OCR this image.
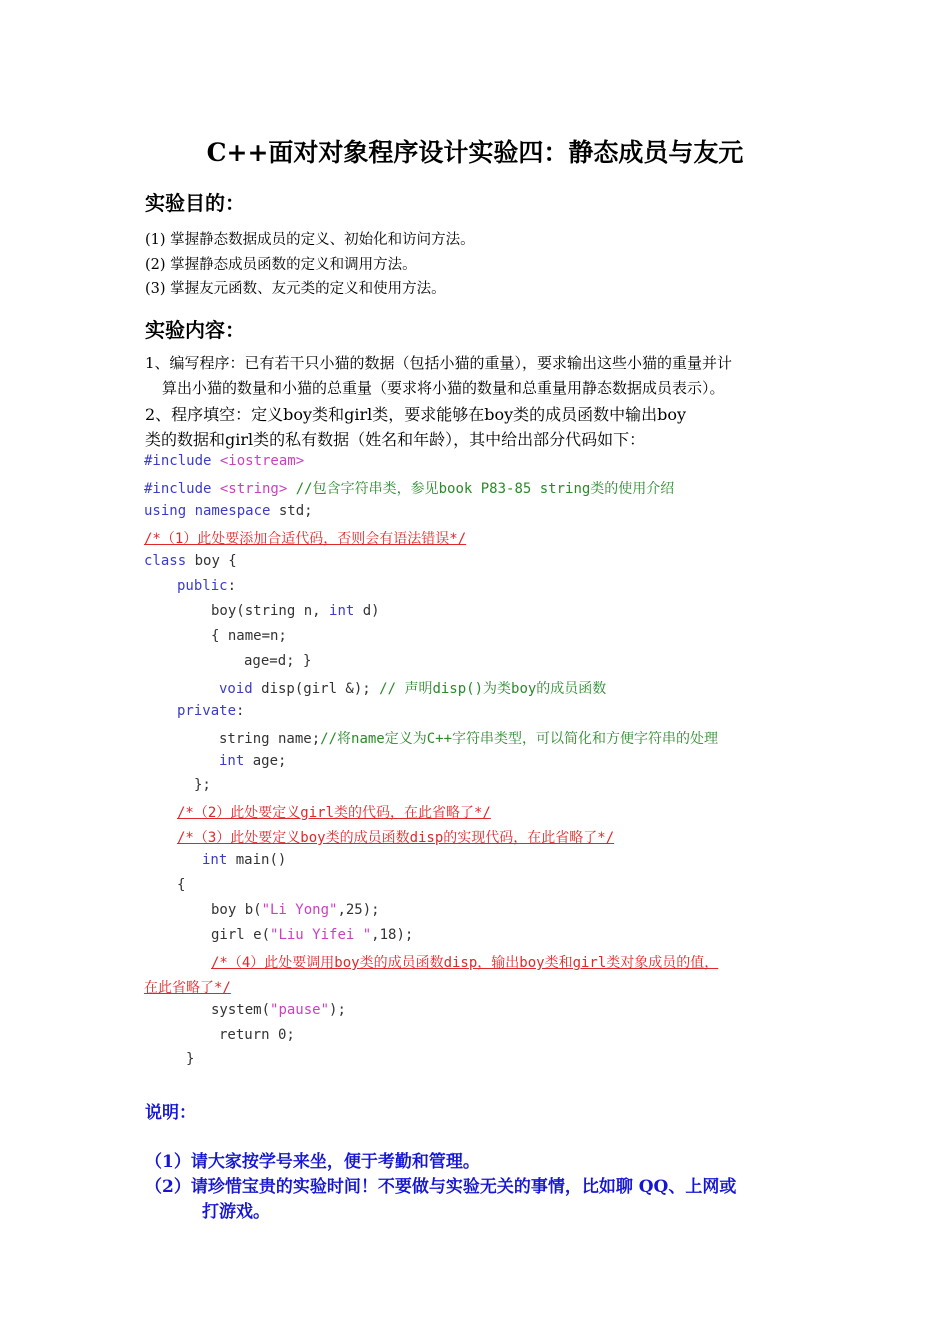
C++面对对象程序设计实验四：静态成员与友元
实验目的：
(1) 掌握静态数据成员的定义、初始化和访问方法。
(2) 掌握静态成员函数的定义和调用方法。
(3) 掌握友元函数、友元类的定义和使用方法。
实验内容：
1、编写程序：已有若干只小猫的数据（包括小猫的重量），要求输出这些小猫的重量并计
算出小猫的数量和小猫的总重量（要求将小猫的数量和总重量用静态数据成员表示）。
2、程序填空：定义boy类和girl类，要求能够在boy类的成员函数中输出boy
类的数据和girl类的私有数据（姓名和年龄），其中给出部分代码如下：
#include <iostream>
#include <string> //包含字符串类，参见book P83-85 string类的使用介绍
using namespace std;
/*（1）此处要添加合适代码，否则会有语法错误*/
class boy {
public:
boy(string n, int d)
{ name=n;
age=d; }
void disp(girl &); // 声明disp()为类boy的成员函数
private:
string name;//将name定义为C++字符串类型，可以简化和方便字符串的处理
int age;
};
/*（2）此处要定义girl类的代码，在此省略了*/
/*（3）此处要定义boy类的成员函数disp的实现代码，在此省略了*/
int main()
{
boy b("Li Yong",25);
girl e("Liu Yifei ",18);
/*（4）此处要调用boy类的成员函数disp，输出boy类和girl类对象成员的值，
在此省略了*/
system("pause");
return 0;
}
说明：
（1）请大家按学号来坐，便于考勤和管理。
（2）请珍惜宝贵的实验时间！不要做与实验无关的事情，比如聊 QQ、上网或
打游戏。
